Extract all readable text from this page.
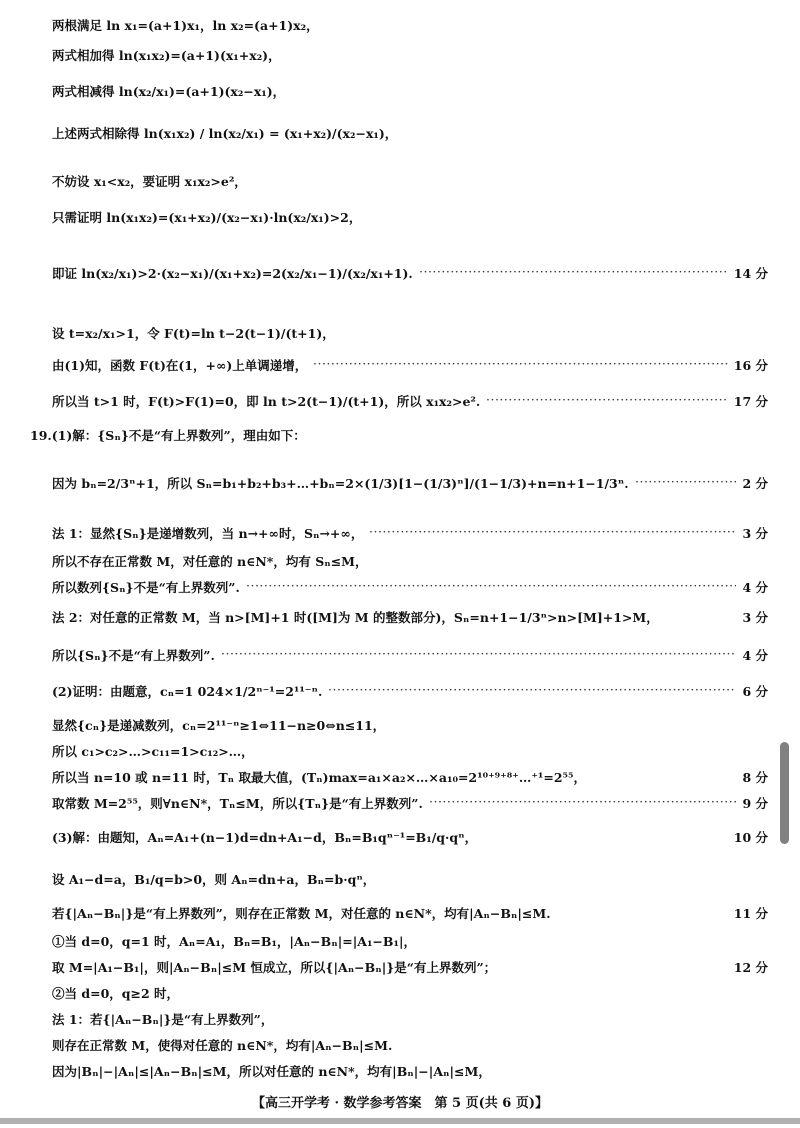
两根满足 ln x₁=(a+1)x₁，ln x₂=(a+1)x₂，
两式相加得 ln(x₁x₂)=(a+1)(x₁+x₂)，
两式相减得 ln(x₂/x₁)=(a+1)(x₂−x₁)，
上述两式相除得 ln(x₁x₂) / ln(x₂/x₁) = (x₁+x₂)/(x₂−x₁)，
不妨设 x₁<x₂，要证明 x₁x₂>e²，
只需证明 ln(x₁x₂)=(x₁+x₂)/(x₂−x₁)·ln(x₂/x₁)>2，
即证 ln(x₂/x₁)>2·(x₂−x₁)/(x₁+x₂)=2(x₂/x₁−1)/(x₂/x₁+1). ·····	14 分
设 t=x₂/x₁>1，令 F(t)=ln t−2(t−1)/(t+1)，
由(1)知，函数 F(t)在(1，+∞)上单调递增， ·····	16 分
所以当 t>1 时，F(t)>F(1)=0，即 ln t>2(t−1)/(t+1)，所以 x₁x₂>e². ·····	17 分
19.(1)解：{Sₙ}不是“有上界数列”，理由如下：
因为 bₙ=2/3ⁿ+1，所以 Sₙ=b₁+b₂+b₃+…+bₙ=2×(1/3)[1−(1/3)ⁿ]/(1−1/3)+n=n+1−1/3ⁿ. ·····	2 分
法 1：显然{Sₙ}是递增数列，当 n→+∞时，Sₙ→+∞， ·····	3 分
所以不存在正常数 M，对任意的 n∈N*，均有 Sₙ≤M，
所以数列{Sₙ}不是“有上界数列”. ·····	4 分
法 2：对任意的正常数 M，当 n>[M]+1 时([M]为 M 的整数部分)，Sₙ=n+1−1/3ⁿ>n>[M]+1>M，	3 分
所以{Sₙ}不是“有上界数列”. ·····	4 分
(2)证明：由题意，cₙ=1 024×1/2ⁿ⁻¹=2¹¹⁻ⁿ. ·····	6 分
显然{cₙ}是递减数列，cₙ=2¹¹⁻ⁿ≥1⇔11−n≥0⇔n≤11，
所以 c₁>c₂>…>c₁₁=1>c₁₂>…，
所以当 n=10 或 n=11 时，Tₙ 取最大值，(Tₙ)max=a₁×a₂×…×a₁₀=2¹⁰⁺⁹⁺⁸⁺…⁺¹=2⁵⁵，	8 分
取常数 M=2⁵⁵，则∀n∈N*，Tₙ≤M，所以{Tₙ}是“有上界数列”. ·····	9 分
(3)解：由题知，Aₙ=A₁+(n−1)d=dn+A₁−d，Bₙ=B₁qⁿ⁻¹=B₁/q·qⁿ，	10 分
设 A₁−d=a，B₁/q=b>0，则 Aₙ=dn+a，Bₙ=b·qⁿ，
若{|Aₙ−Bₙ|}是“有上界数列”，则存在正常数 M，对任意的 n∈N*，均有|Aₙ−Bₙ|≤M.	11 分
①当 d=0，q=1 时，Aₙ=A₁，Bₙ=B₁，|Aₙ−Bₙ|=|A₁−B₁|，
取 M=|A₁−B₁|，则|Aₙ−Bₙ|≤M 恒成立，所以{|Aₙ−Bₙ|}是“有上界数列”；	12 分
②当 d=0，q≥2 时，
法 1：若{|Aₙ−Bₙ|}是“有上界数列”，
则存在正常数 M，使得对任意的 n∈N*，均有|Aₙ−Bₙ|≤M.
因为|Bₙ|−|Aₙ|≤|Aₙ−Bₙ|≤M，所以对任意的 n∈N*，均有|Bₙ|−|Aₙ|≤M，
【高三开学考 · 数学参考答案　第 5 页(共 6 页)】
